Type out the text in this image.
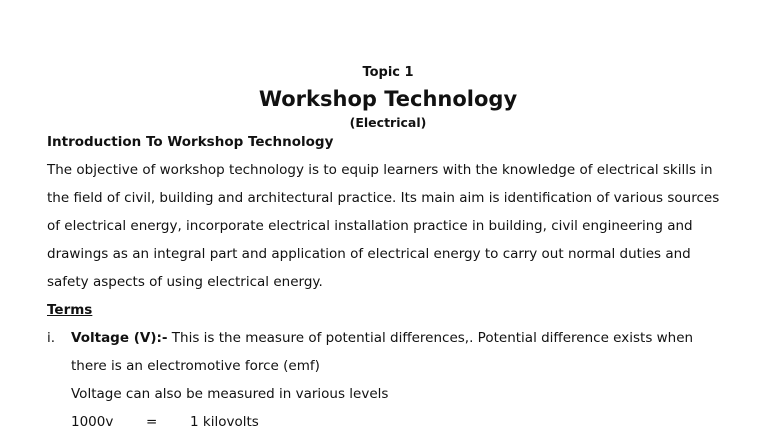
Topic 1
Workshop Technology
(Electrical)
Introduction To Workshop Technology
The objective of workshop technology is to equip learners with the knowledge of electrical skills in
the field of civil, building and architectural practice. Its main aim is identification of various sources
of electrical energy, incorporate electrical installation practice in building, civil engineering and
drawings as an integral part and application of electrical energy to carry out normal duties and
safety aspects of using electrical energy.
Terms
i. Voltage (V):- This is the measure of potential differences,. Potential difference exists when
there is an electromotive force (emf)
Voltage can also be measured in various levels
1000v = 1 kilovolts
